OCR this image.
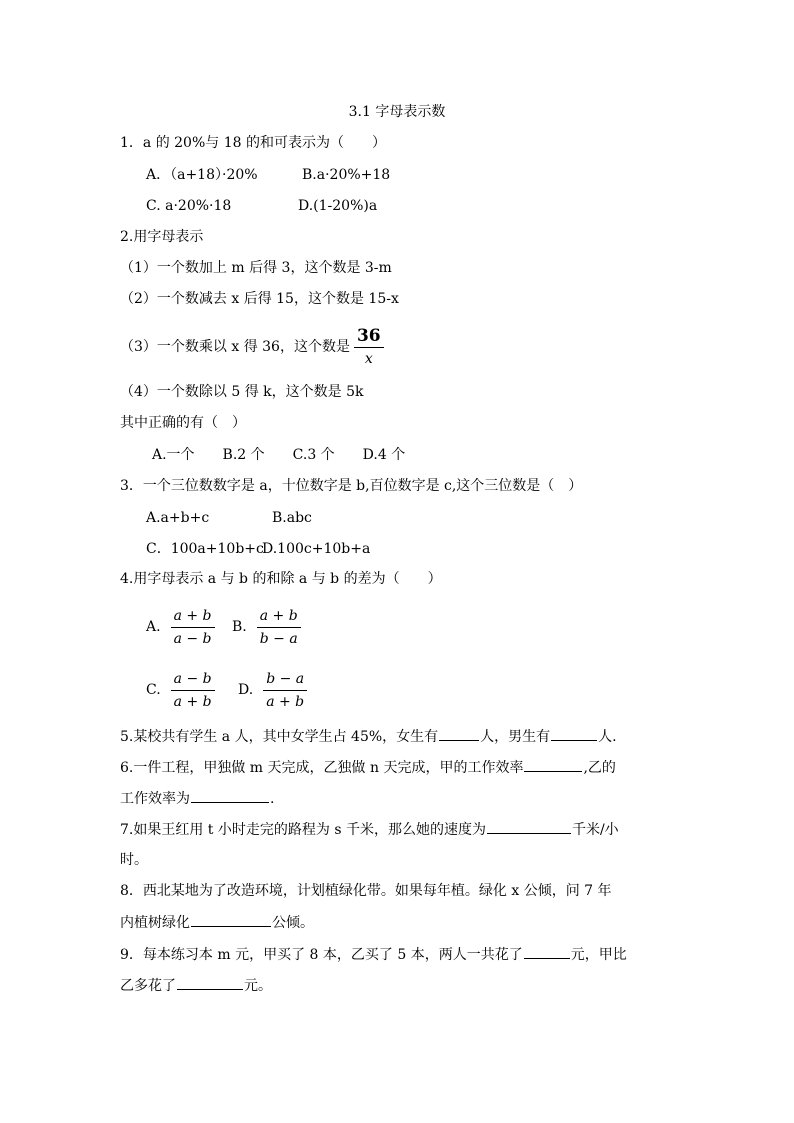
3.1 字母表示数
1．a 的 20%与 18 的和可表示为（　　）
A．（a+18）·20%	B.a·20%+18
C. a·20%·18	D.(1-20%)a
2.用字母表示
（1）一个数加上 m 后得 3，这个数是 3-m
（2）一个数减去 x 后得 15，这个数是 15-x
（3）一个数乘以 x 得 36，这个数是 $\frac{36}{x}$
（4）一个数除以 5 得 k，这个数是 5k
其中正确的有（　）
A.一个　　B.2 个　　C.3 个　　D.4 个
3．一个三位数数字是 a，十位数字是 b,百位数字是 c,这个三位数是（　）
A.a+b+c	B.abc
C．100a+10b+c
D.100c+10b+a
4.用字母表示 a 与 b 的和除 a 与 b 的差为（　　）
A. $\frac{a + b}{a - b} B$. $\frac{a + b}{b - a}$
C. $\frac{a - b}{a + b} D$. $\frac{b - a}{a + b}$
5.某校共有学生 a 人，其中女学生占 45%，女生有	人，男生有	人.
6.一件工程，甲独做 m 天完成，乙独做 n 天完成，甲的工作效率	,乙的
工作效率为	.
7.如果王红用 t 小时走完的路程为 s 千米，那么她的速度为	千米/小
时。
8．西北某地为了改造环境，计划植绿化带。如果每年植。绿化 x 公倾，问 7 年
内植树绿化	公倾。
9．每本练习本 m 元，甲买了 8 本，乙买了 5 本，两人一共花了	元，甲比
乙多花了	元。
